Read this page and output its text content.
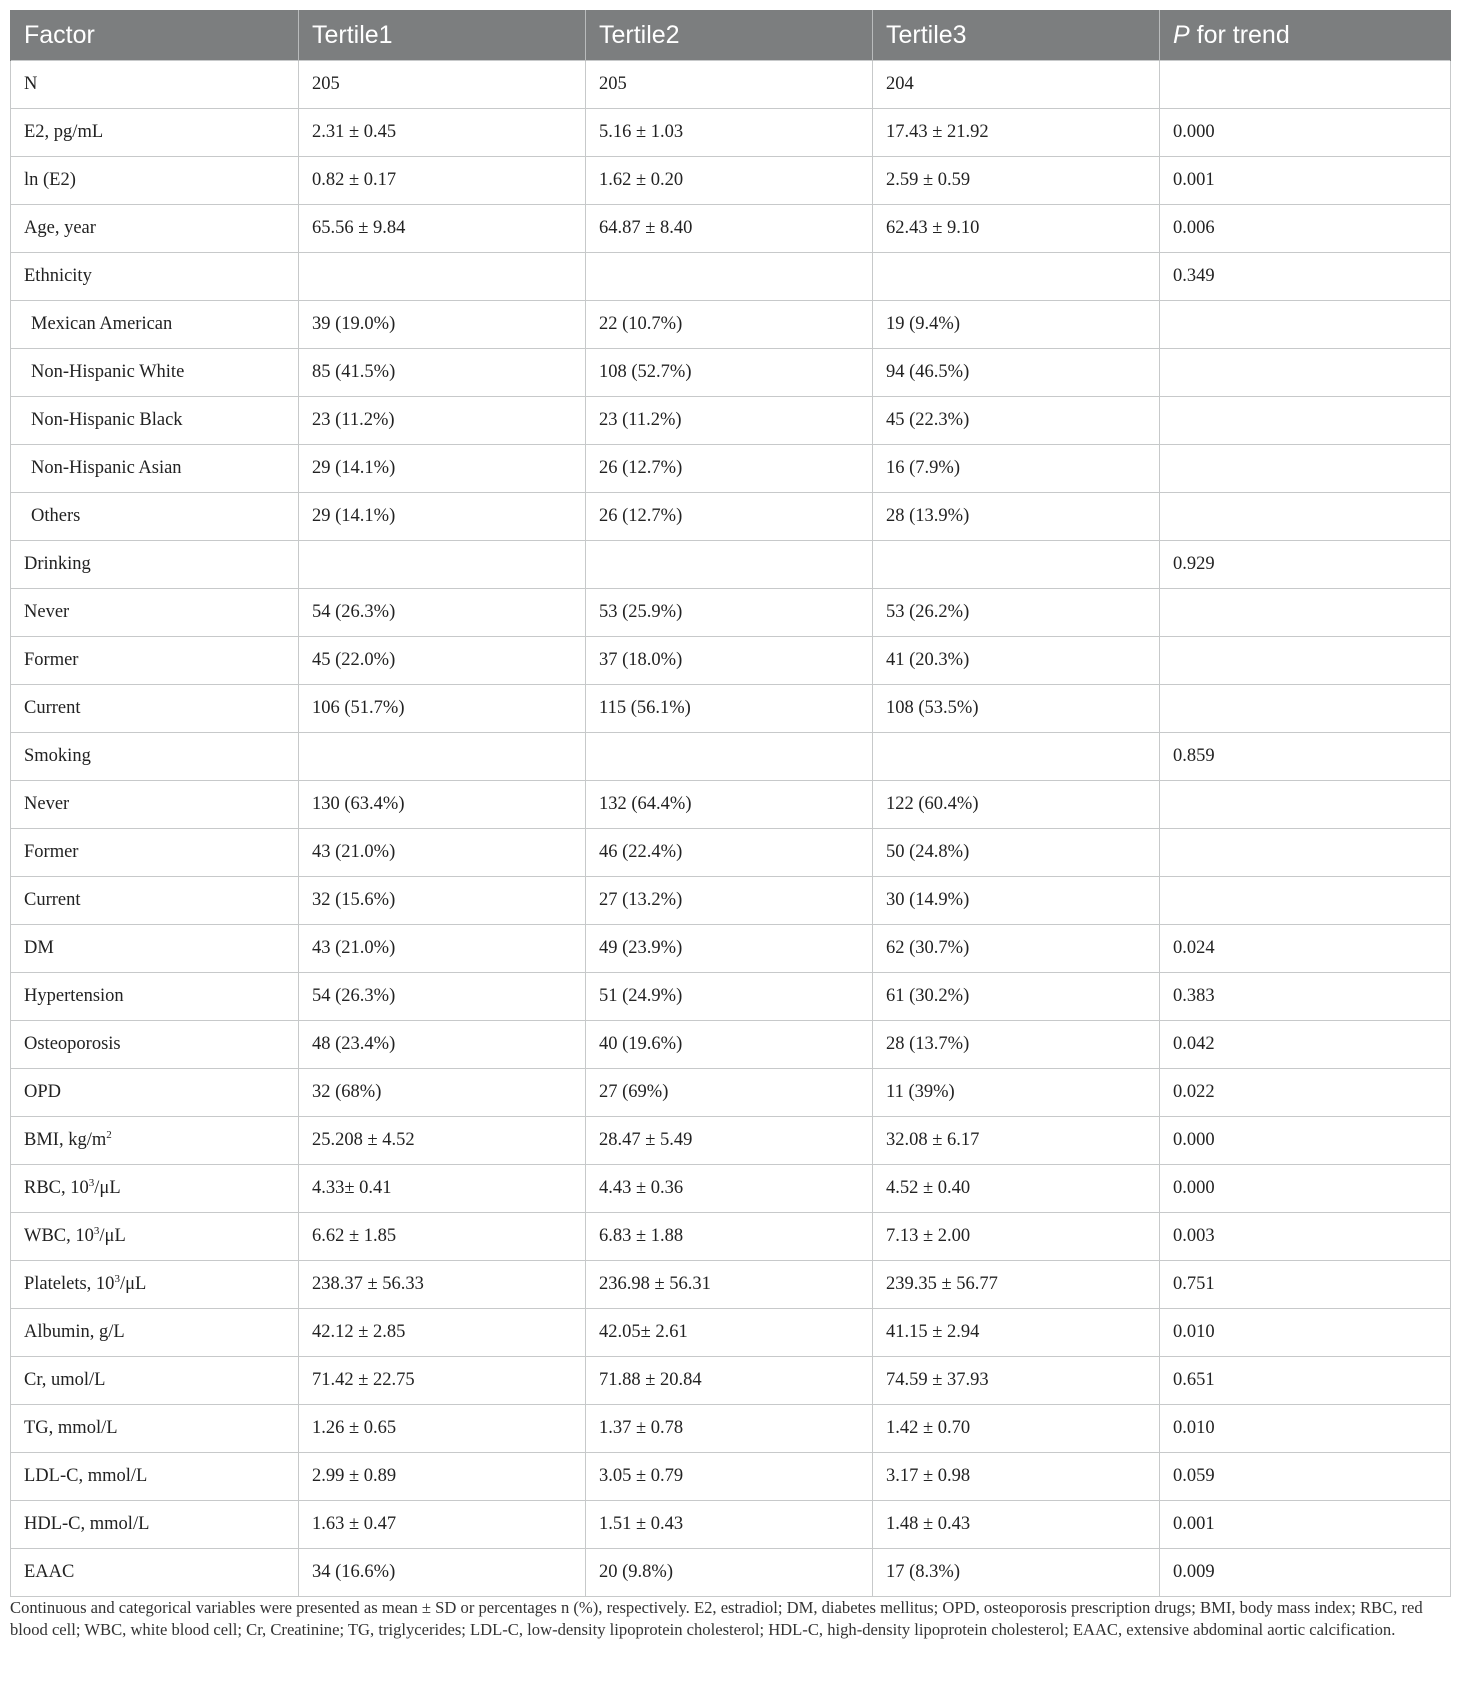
Factor	Tertile1	Tertile2	Tertile3	P for trend
N	205	205	204	
E2, pg/mL	2.31 ± 0.45	5.16 ± 1.03	17.43 ± 21.92	0.000
ln (E2)	0.82 ± 0.17	1.62 ± 0.20	2.59 ± 0.59	0.001
Age, year	65.56 ± 9.84	64.87 ± 8.40	62.43 ± 9.10	0.006
Ethnicity				0.349
Mexican American	39 (19.0%)	22 (10.7%)	19 (9.4%)	
Non-Hispanic White	85 (41.5%)	108 (52.7%)	94 (46.5%)	
Non-Hispanic Black	23 (11.2%)	23 (11.2%)	45 (22.3%)	
Non-Hispanic Asian	29 (14.1%)	26 (12.7%)	16 (7.9%)	
Others	29 (14.1%)	26 (12.7%)	28 (13.9%)	
Drinking				0.929
Never	54 (26.3%)	53 (25.9%)	53 (26.2%)	
Former	45 (22.0%)	37 (18.0%)	41 (20.3%)	
Current	106 (51.7%)	115 (56.1%)	108 (53.5%)	
Smoking				0.859
Never	130 (63.4%)	132 (64.4%)	122 (60.4%)	
Former	43 (21.0%)	46 (22.4%)	50 (24.8%)	
Current	32 (15.6%)	27 (13.2%)	30 (14.9%)	
DM	43 (21.0%)	49 (23.9%)	62 (30.7%)	0.024
Hypertension	54 (26.3%)	51 (24.9%)	61 (30.2%)	0.383
Osteoporosis	48 (23.4%)	40 (19.6%)	28 (13.7%)	0.042
OPD	32 (68%)	27 (69%)	11 (39%)	0.022
BMI, $kg/m^2$	25.208 ± 4.52	28.47 ± 5.49	32.08 ± 6.17	0.000
RBC, $10^3/\mu L$	4.33± 0.41	4.43 ± 0.36	4.52 ± 0.40	0.000
WBC, $10^3/\mu L$	6.62 ± 1.85	6.83 ± 1.88	7.13 ± 2.00	0.003
Platelets, $10^3/\mu L$	238.37 ± 56.33	236.98 ± 56.31	239.35 ± 56.77	0.751
Albumin, g/L	42.12 ± 2.85	42.05± 2.61	41.15 ± 2.94	0.010
Cr, umol/L	71.42 ± 22.75	71.88 ± 20.84	74.59 ± 37.93	0.651
TG, mmol/L	1.26 ± 0.65	1.37 ± 0.78	1.42 ± 0.70	0.010
LDL-C, mmol/L	2.99 ± 0.89	3.05 ± 0.79	3.17 ± 0.98	0.059
HDL-C, mmol/L	1.63 ± 0.47	1.51 ± 0.43	1.48 ± 0.43	0.001
EAAC	34 (16.6%)	20 (9.8%)	17 (8.3%)	0.009
Continuous and categorical variables were presented as mean ± SD or percentages n (%), respectively. E2, estradiol; DM, diabetes mellitus; OPD, osteoporosis prescription drugs; BMI, body mass index; RBC, red blood cell; WBC, white blood cell; Cr, Creatinine; TG, triglycerides; LDL-C, low-density lipoprotein cholesterol; HDL-C, high-density lipoprotein cholesterol; EAAC, extensive abdominal aortic calcification.
